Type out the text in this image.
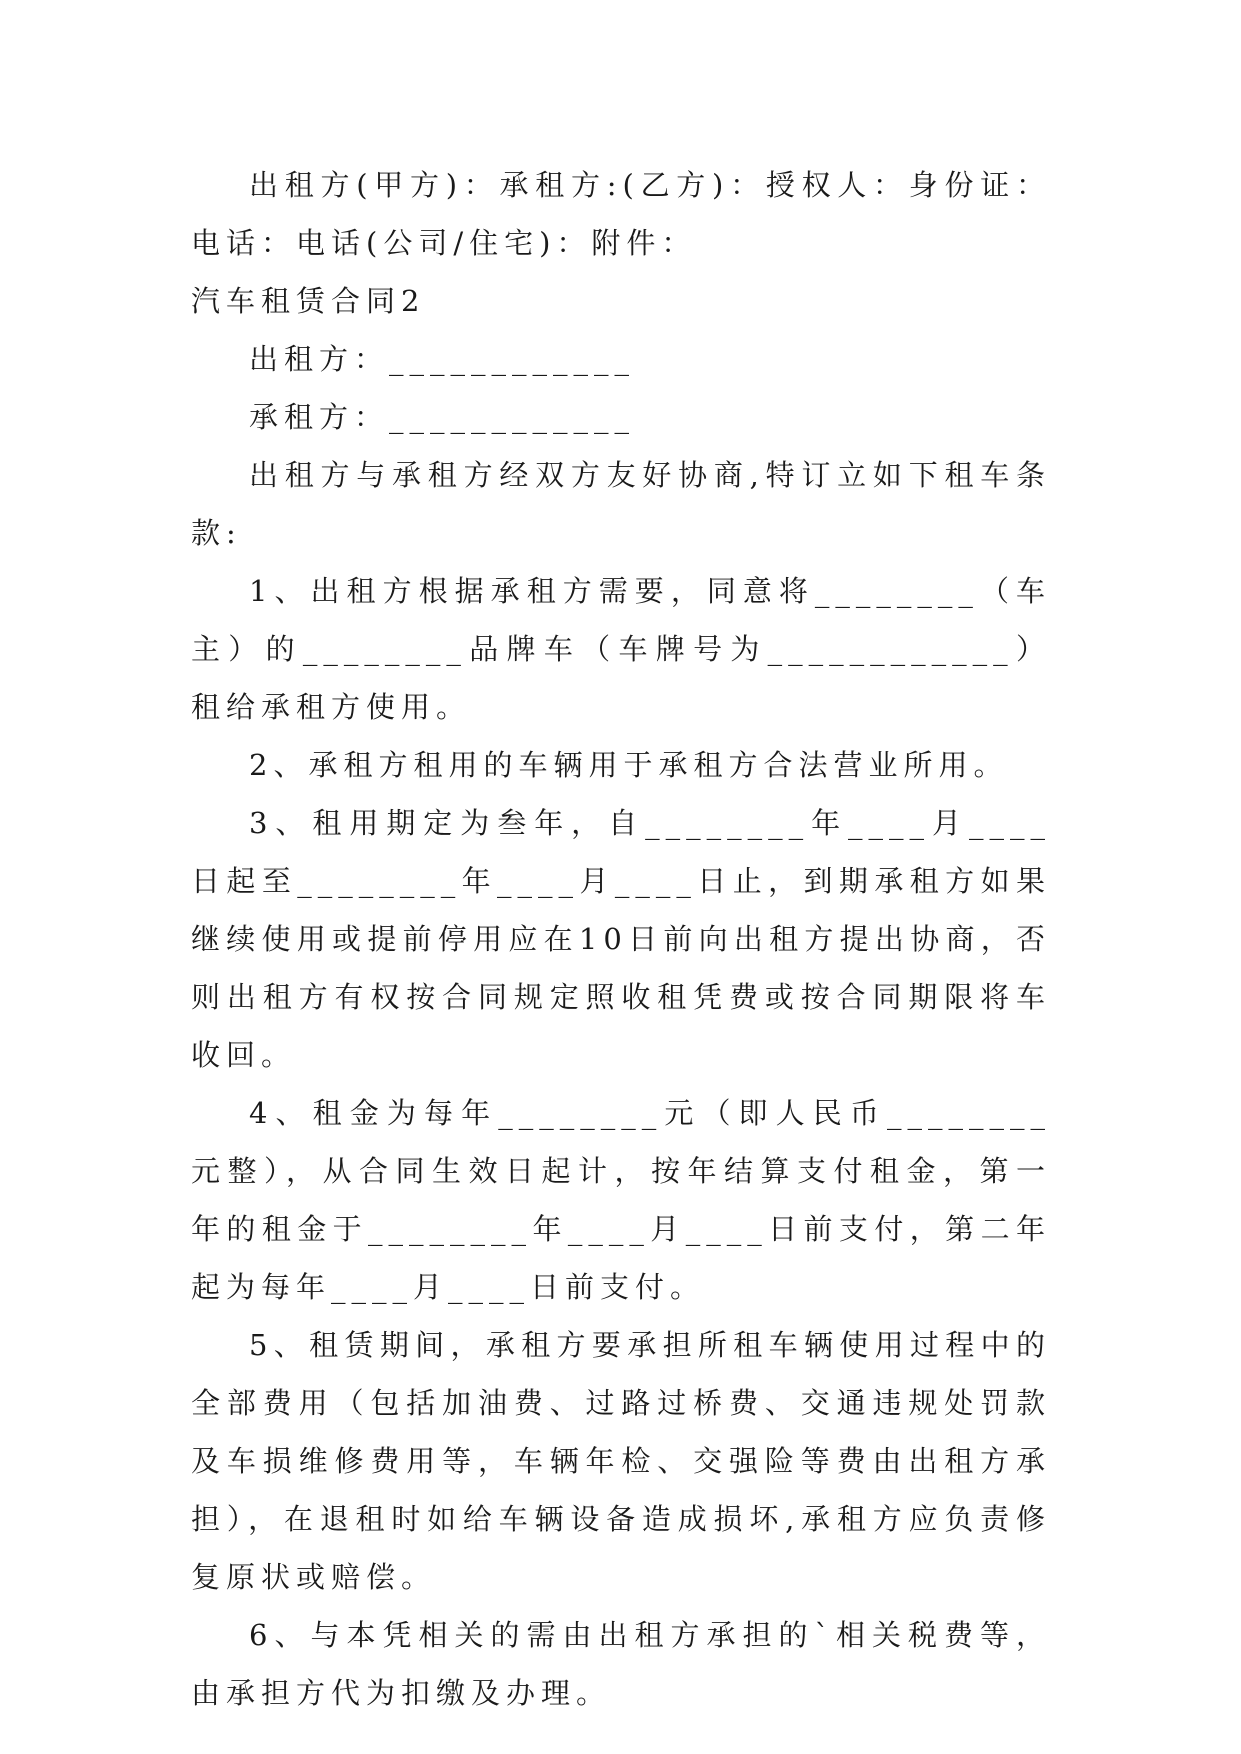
出租方(甲方)：承租方:(乙方)：授权人：身份证：电话：电话(公司/住宅)：附件：

汽车租赁合同2

出租方：____________

承租方：____________

出租方与承租方经双方友好协商,特订立如下租车条款:

1、出租方根据承租方需要，同意将________（车主）的________品牌车（车牌号为____________）租给承租方使用。

2、承租方租用的车辆用于承租方合法营业所用。

3、租用期定为叁年，自________年____月____日起至________年____月____日止，到期承租方如果继续使用或提前停用应在10日前向出租方提出协商，否则出租方有权按合同规定照收租凭费或按合同期限将车收回。

4、租金为每年________元（即人民币________元整），从合同生效日起计，按年结算支付租金，第一年的租金于________年____月____日前支付，第二年起为每年____月____日前支付。

5、租赁期间，承租方要承担所租车辆使用过程中的全部费用（包括加油费、过路过桥费、交通违规处罚款及车损维修费用等，车辆年检、交强险等费由出租方承担），在退租时如给车辆设备造成损坏,承租方应负责修复原状或赔偿。

6、与本凭相关的需由出租方承担的`相关税费等，由承担方代为扣缴及办理。
